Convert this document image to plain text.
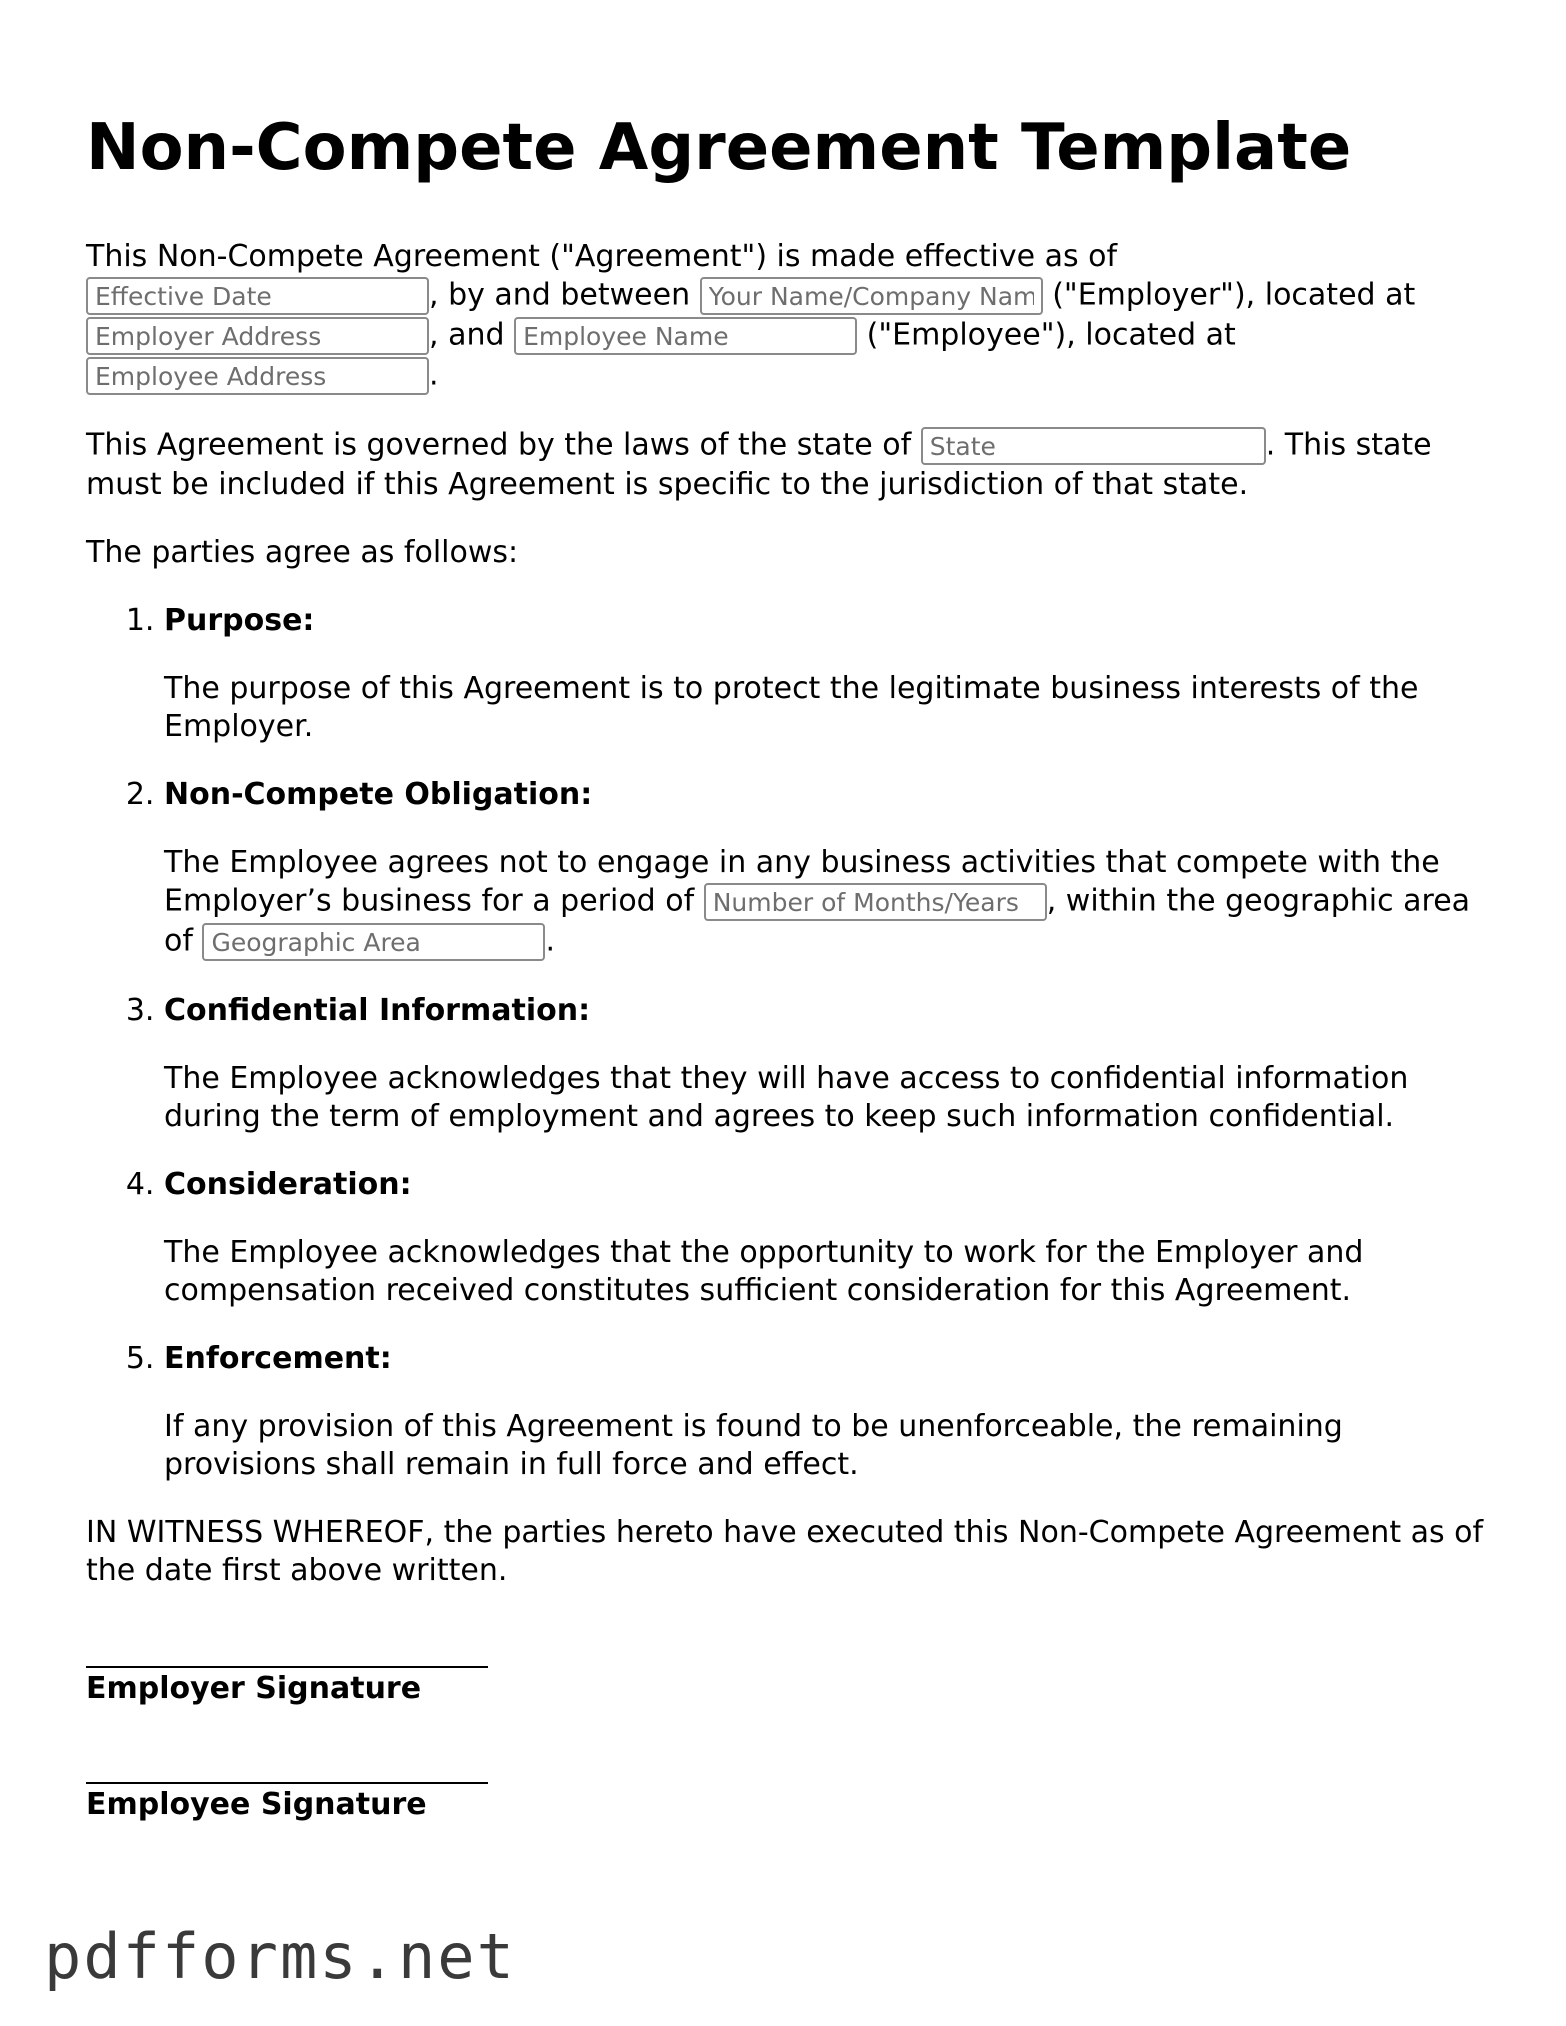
Non-Compete Agreement Template

This Non-Compete Agreement ("Agreement") is made effective as of
Effective Date, by and between Your Name/Company Name	("Employer"), located at
Employer Address, and Employee Name	("Employee"), located at
Employee Address.

This Agreement is governed by the laws of the state of State	. This state must be included if this Agreement is specific to the jurisdiction of that state.

The parties agree as follows:

1. Purpose:

The purpose of this Agreement is to protect the legitimate business interests of the Employer.

2. Non-Compete Obligation:

The Employee agrees not to engage in any business activities that compete with the Employer’s business for a period of Number of Months/Years	, within the geographic area of Geographic Area	.

3. Confidential Information:

The Employee acknowledges that they will have access to confidential information during the term of employment and agrees to keep such information confidential.

4. Consideration:

The Employee acknowledges that the opportunity to work for the Employer and compensation received constitutes sufficient consideration for this Agreement.

5. Enforcement:

If any provision of this Agreement is found to be unenforceable, the remaining provisions shall remain in full force and effect.

IN WITNESS WHEREOF, the parties hereto have executed this Non-Compete Agreement as of the date first above written.

Employer Signature
Employee Signature
pdfforms.net
